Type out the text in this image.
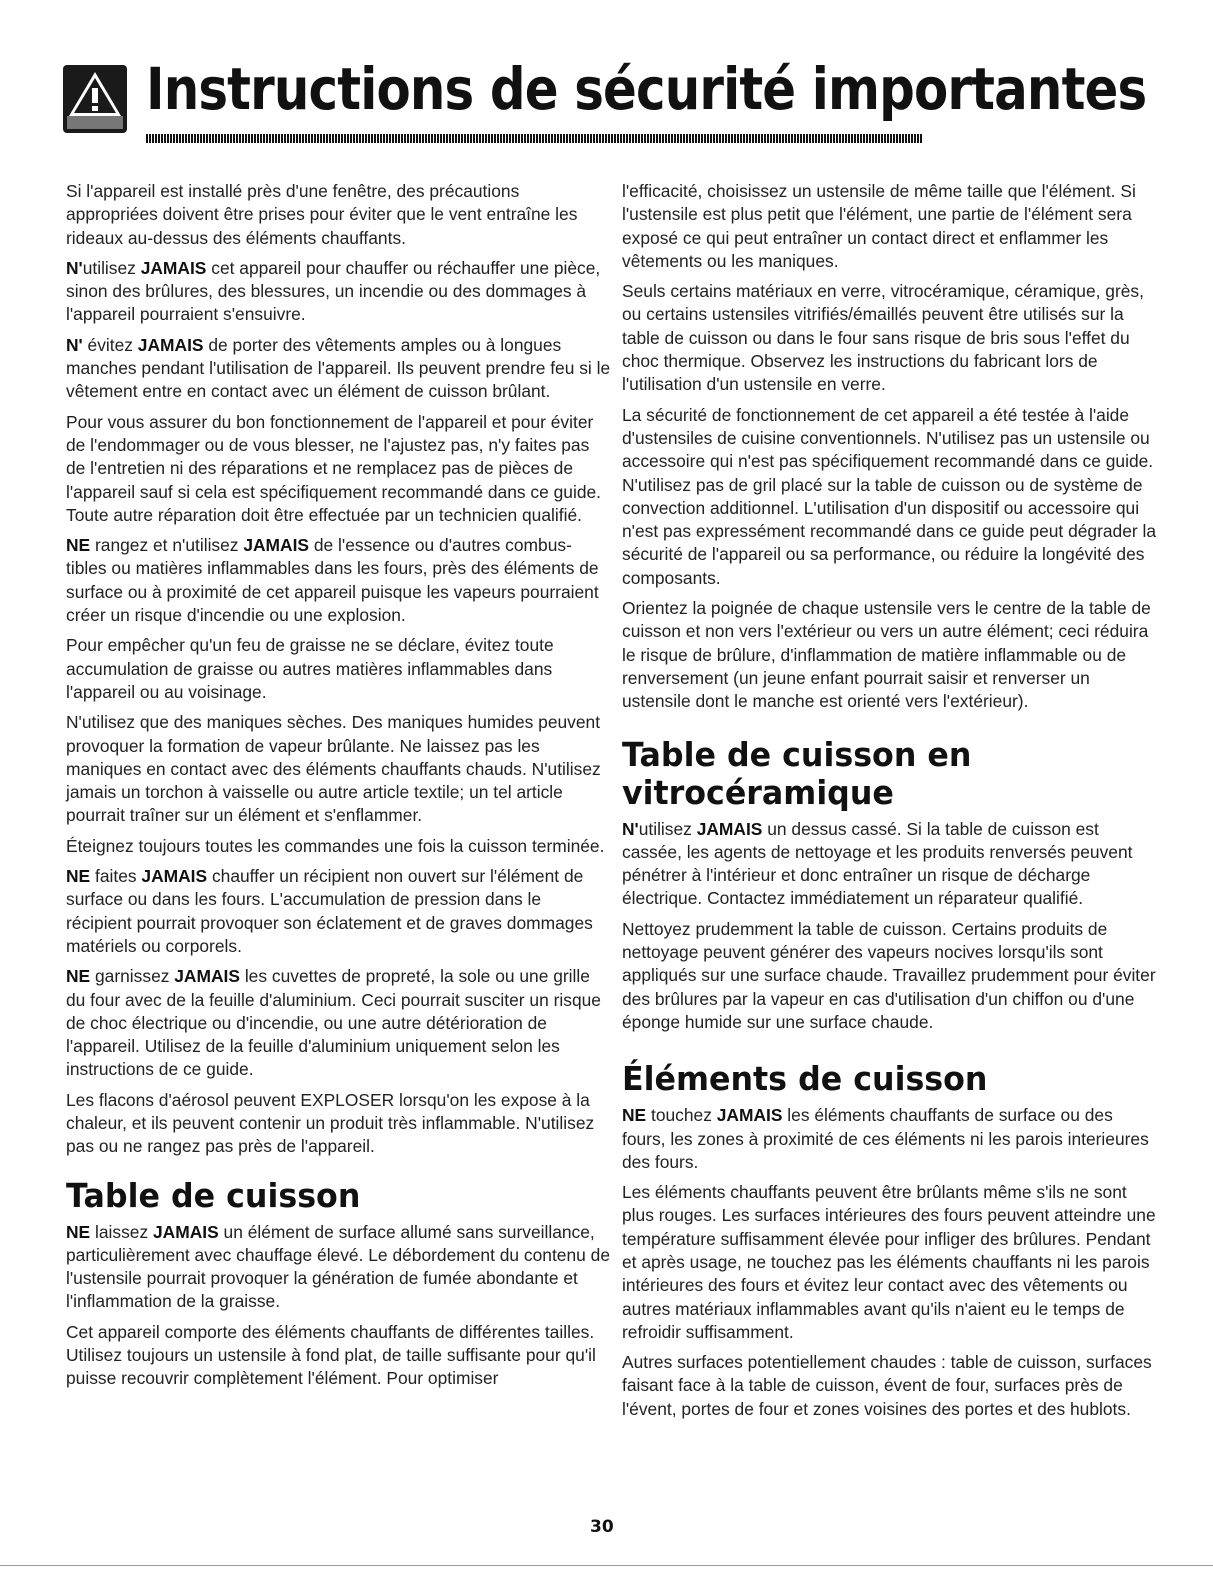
Instructions de sécurité importantes

Si l'appareil est installé près d'une fenêtre, des précautions appropriées doivent être prises pour éviter que le vent entraîne les rideaux au-dessus des éléments chauffants.

N'utilisez JAMAIS cet appareil pour chauffer ou réchauffer une pièce, sinon des brûlures, des blessures, un incendie ou des dommages à l'appareil pourraient s'ensuivre.

N' évitez JAMAIS de porter des vêtements amples ou à longues manches pendant l'utilisation de l'appareil. Ils peuvent prendre feu si le vêtement entre en contact avec un élément de cuisson brûlant.

Pour vous assurer du bon fonctionnement de l'appareil et pour éviter de l'endommager ou de vous blesser, ne l'ajustez pas, n'y faites pas de l'entretien ni des réparations et ne remplacez pas de pièces de l'appareil sauf si cela est spécifiquement recommandé dans ce guide. Toute autre réparation doit être effectuée par un technicien qualifié.

NE rangez et n'utilisez JAMAIS de l'essence ou d'autres combus-tibles ou matières inflammables dans les fours, près des éléments de surface ou à proximité de cet appareil puisque les vapeurs pourraient créer un risque d'incendie ou une explosion.

Pour empêcher qu'un feu de graisse ne se déclare, évitez toute accumulation de graisse ou autres matières inflammables dans l'appareil ou au voisinage.

N'utilisez que des maniques sèches. Des maniques humides peuvent provoquer la formation de vapeur brûlante. Ne laissez pas les maniques en contact avec des éléments chauffants chauds. N'utilisez jamais un torchon à vaisselle ou autre article textile; un tel article pourrait traîner sur un élément et s'enflammer.

Éteignez toujours toutes les commandes une fois la cuisson terminée.

NE faites JAMAIS chauffer un récipient non ouvert sur l'élément de surface ou dans les fours. L'accumulation de pression dans le récipient pourrait provoquer son éclatement et de graves dommages matériels ou corporels.

NE garnissez JAMAIS les cuvettes de propreté, la sole ou une grille du four avec de la feuille d'aluminium. Ceci pourrait susciter un risque de choc électrique ou d'incendie, ou une autre détérioration de l'appareil. Utilisez de la feuille d'aluminium uniquement selon les instructions de ce guide.

Les flacons d'aérosol peuvent EXPLOSER lorsqu'on les expose à la chaleur, et ils peuvent contenir un produit très inflammable. N'utilisez pas ou ne rangez pas près de l'appareil.

Table de cuisson

NE laissez JAMAIS un élément de surface allumé sans surveillance, particulièrement avec chauffage élevé. Le débordement du contenu de l'ustensile pourrait provoquer la génération de fumée abondante et l'inflammation de la graisse.

Cet appareil comporte des éléments chauffants de différentes tailles. Utilisez toujours un ustensile à fond plat, de taille suffisante pour qu'il puisse recouvrir complètement l'élément. Pour optimiser

l'efficacité, choisissez un ustensile de même taille que l'élément. Si l'ustensile est plus petit que l'élément, une partie de l'élément sera exposé ce qui peut entraîner un contact direct et enflammer les vêtements ou les maniques.

Seuls certains matériaux en verre, vitrocéramique, céramique, grès, ou certains ustensiles vitrifiés/émaillés peuvent être utilisés sur la table de cuisson ou dans le four sans risque de bris sous l'effet du choc thermique. Observez les instructions du fabricant lors de l'utilisation d'un ustensile en verre.

La sécurité de fonctionnement de cet appareil a été testée à l'aide d'ustensiles de cuisine conventionnels. N'utilisez pas un ustensile ou accessoire qui n'est pas spécifiquement recommandé dans ce guide. N'utilisez pas de gril placé sur la table de cuisson ou de système de convection additionnel. L'utilisation d'un dispositif ou accessoire qui n'est pas expressément recommandé dans ce guide peut dégrader la sécurité de l'appareil ou sa performance, ou réduire la longévité des composants.

Orientez la poignée de chaque ustensile vers le centre de la table de cuisson et non vers l'extérieur ou vers un autre élément; ceci réduira le risque de brûlure, d'inflammation de matière inflammable ou de renversement (un jeune enfant pourrait saisir et renverser un ustensile dont le manche est orienté vers l'extérieur).

Table de cuisson en vitrocéramique

N'utilisez JAMAIS un dessus cassé. Si la table de cuisson est cassée, les agents de nettoyage et les produits renversés peuvent pénétrer à l'intérieur et donc entraîner un risque de décharge électrique. Contactez immédiatement un réparateur qualifié.

Nettoyez prudemment la table de cuisson. Certains produits de nettoyage peuvent générer des vapeurs nocives lorsqu'ils sont appliqués sur une surface chaude. Travaillez prudemment pour éviter des brûlures par la vapeur en cas d'utilisation d'un chiffon ou d'une éponge humide sur une surface chaude.

Éléments de cuisson

NE touchez JAMAIS les éléments chauffants de surface ou des fours, les zones à proximité de ces éléments ni les parois interieures des fours.

Les éléments chauffants peuvent être brûlants même s'ils ne sont plus rouges. Les surfaces intérieures des fours peuvent atteindre une température suffisamment élevée pour infliger des brûlures. Pendant et après usage, ne touchez pas les éléments chauffants ni les parois intérieures des fours et évitez leur contact avec des vêtements ou autres matériaux inflammables avant qu'ils n'aient eu le temps de refroidir suffisamment.

Autres surfaces potentiellement chaudes : table de cuisson, surfaces faisant face à la table de cuisson, évent de four, surfaces près de l'évent, portes de four et zones voisines des portes et des hublots.

30
